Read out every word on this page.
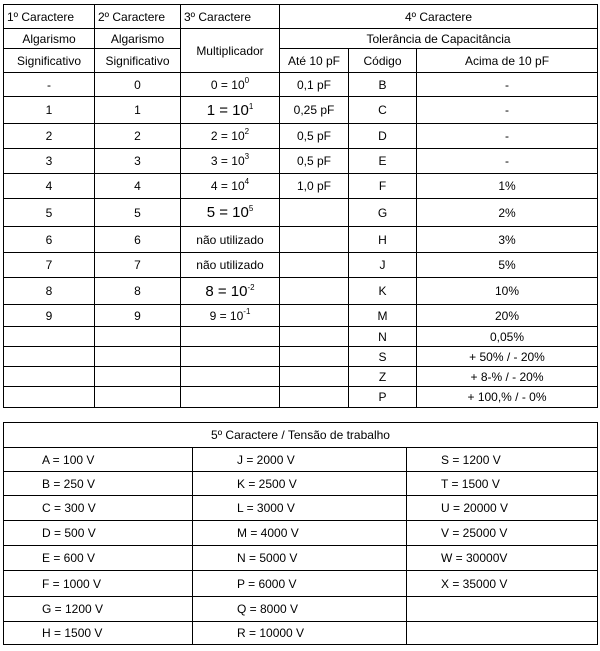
1º Caractere	2º Caractere	3º Caractere	4º Caractere		
Algarismo	Algarismo	Multiplicador	Tolerância de Capacitância		
Significativo	Significativo		Até 10 pF	Código	Acima de 10 pF
-	0	$0 = 10^0$	0,1 pF	B	-
1	1	$1 = 10^1$	0,25 pF	C	-
2	2	$2 = 10^2$	0,5 pF	D	-
3	3	$3 = 10^3$	0,5 pF	E	-
4	4	$4 = 10^4$	1,0 pF	F	1%
5	5	$5 = 10^5$		G	2%
6	6	não utilizado		H	3%
7	7	não utilizado		J	5%
8	8	$8 = 10^{-2}$		K	10%
9	9	$9 = 10^{-1}$		M	20%
				N	0,05%
				S	+ 50% / - 20%
				Z	+ 8-% / - 20%
				P	+ 100,% / - 0%
5º Caractere / Tensão de trabalho		
A = 100 V	J = 2000 V	S = 1200 V
B = 250 V	K = 2500 V	T = 1500 V
C = 300 V	L = 3000 V	U = 20000 V
D = 500 V	M = 4000 V	V = 25000 V
E = 600 V	N = 5000 V	W = 30000V
F = 1000 V	P = 6000 V	X = 35000 V
G = 1200 V	Q = 8000 V	
H = 1500 V	R = 10000 V	
